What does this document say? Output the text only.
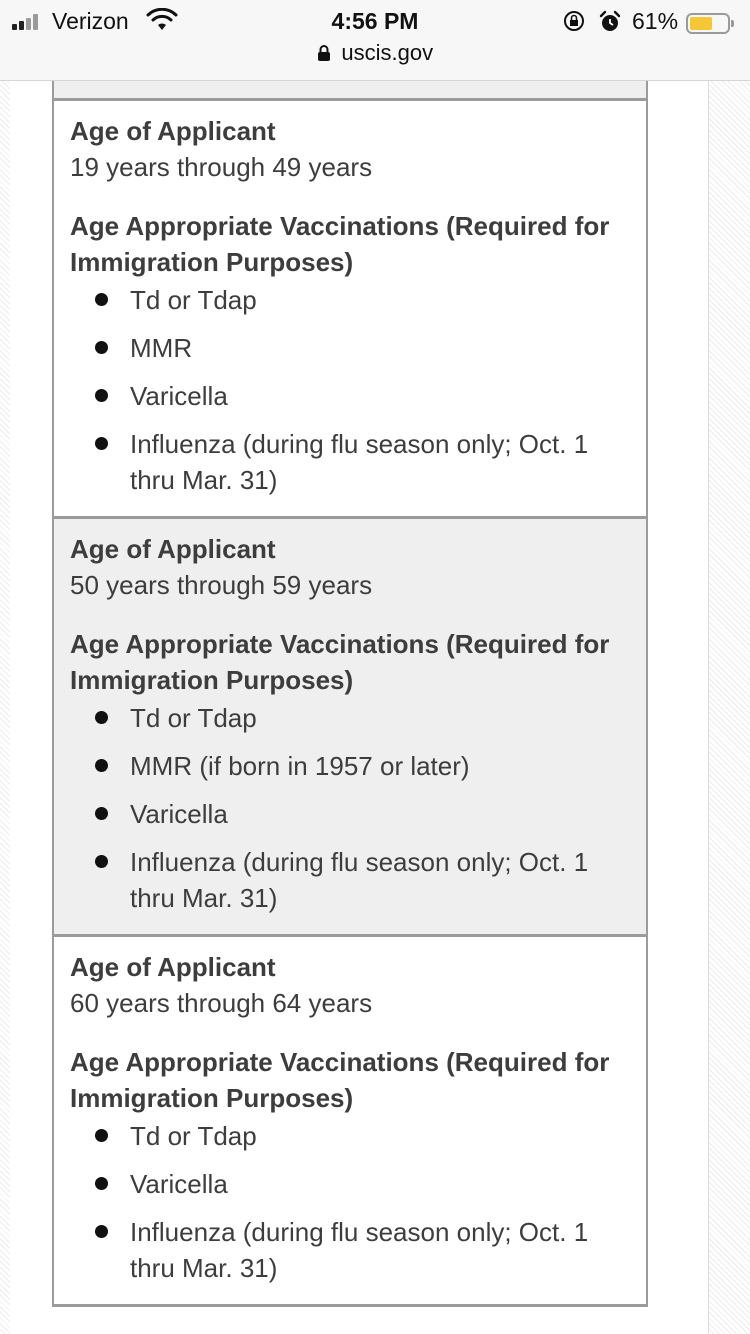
Verizon	4:56 PM	61%
uscis.gov
Age of Applicant
19 years through 49 years
Age Appropriate Vaccinations (Required for Immigration Purposes)
Td or Tdap
MMR
Varicella
Influenza (during flu season only; Oct. 1 thru Mar. 31)
Age of Applicant
50 years through 59 years
Age Appropriate Vaccinations (Required for Immigration Purposes)
Td or Tdap
MMR (if born in 1957 or later)
Varicella
Influenza (during flu season only; Oct. 1 thru Mar. 31)
Age of Applicant
60 years through 64 years
Age Appropriate Vaccinations (Required for Immigration Purposes)
Td or Tdap
Varicella
Influenza (during flu season only; Oct. 1 thru Mar. 31)
